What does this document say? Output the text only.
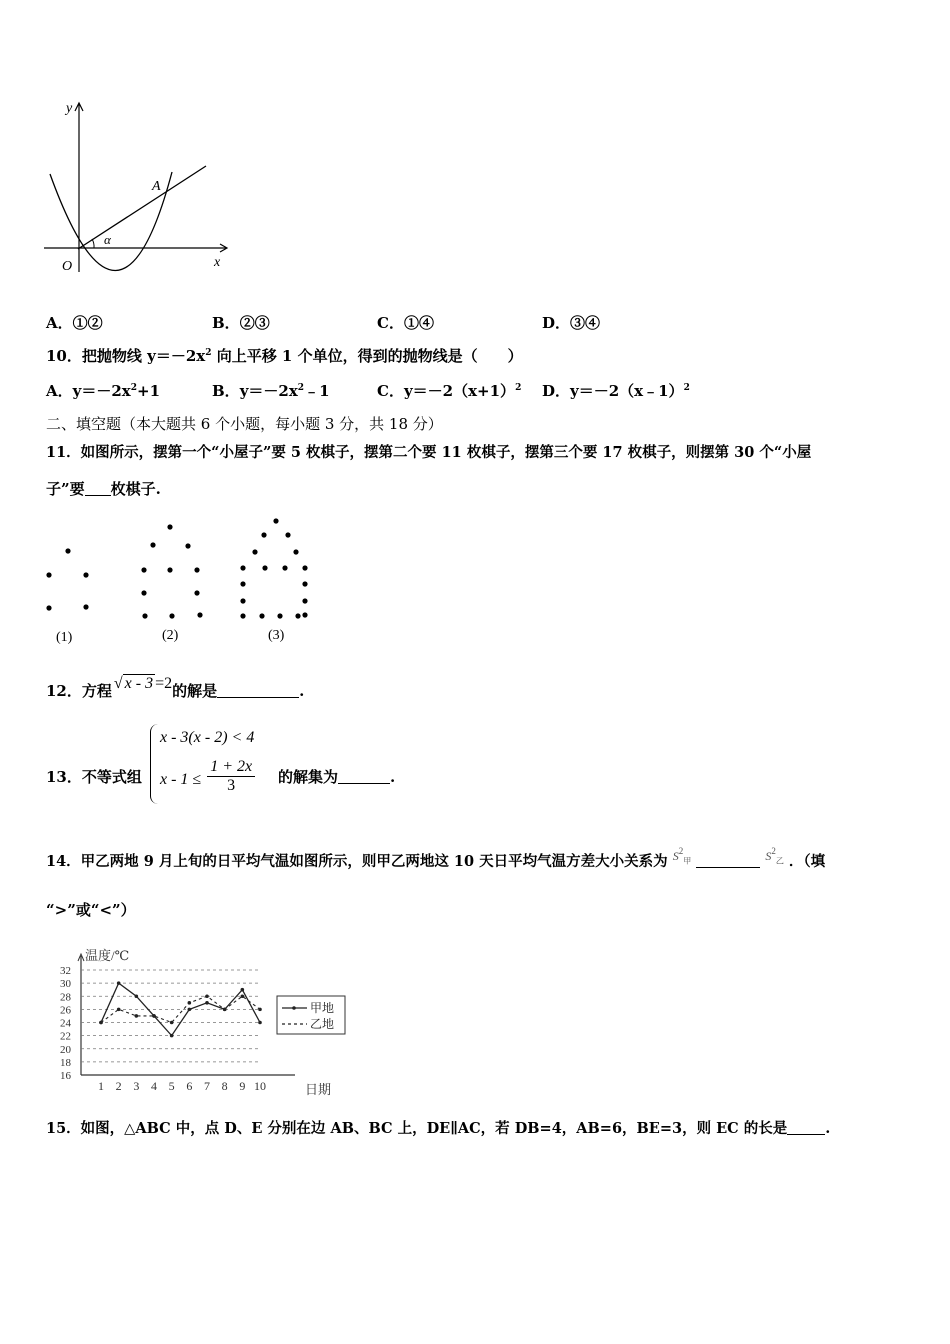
y
x
O
A
α
A．①②	B．②③	C．①④	D．③④
10．把抛物线 $y=-2x^2$ 向上平移 1 个单位，得到的抛物线是（　　）
A．$y=-2x^2+1$	B．$y=-2x^2﹣1$	C．$y=-2(x+1)^2$ D．y＝－2（x﹣1）$^2$
二、填空题（本大题共 6 个小题，每小题 3 分，共 18 分）
11．如图所示，摆第一个“小屋子”要 5 枚棋子，摆第二个要 11 枚棋子，摆第三个要 17 枚棋子，则摆第 30 个“小屋
子”要 枚棋子.
(1)	(2)	(3)
12．方程 √ x - 3 =2的解是	.
13．不等式组
x - 3(x - 2) < 4
$x - 1 \le \frac{1 + 2x}{3}$ 的解集为	.
14．甲乙两地 9 月上旬的日平均气温如图所示，则甲乙两地这 10 天日平均气温方差大小关系为 $^{S^2_甲}$	$^{S^2_乙}$ ．（填
“>”或“<”）
温度/℃
日期
32
30
28
26
24
22
20
18
16
1 2 3 4 5 6 7 8 9 10
甲地
乙地
15．如图，△ABC 中，点 D、E 分别在边 AB、BC 上，DE∥AC，若 DB=4，AB=6，BE=3，则 EC 的长是	.
